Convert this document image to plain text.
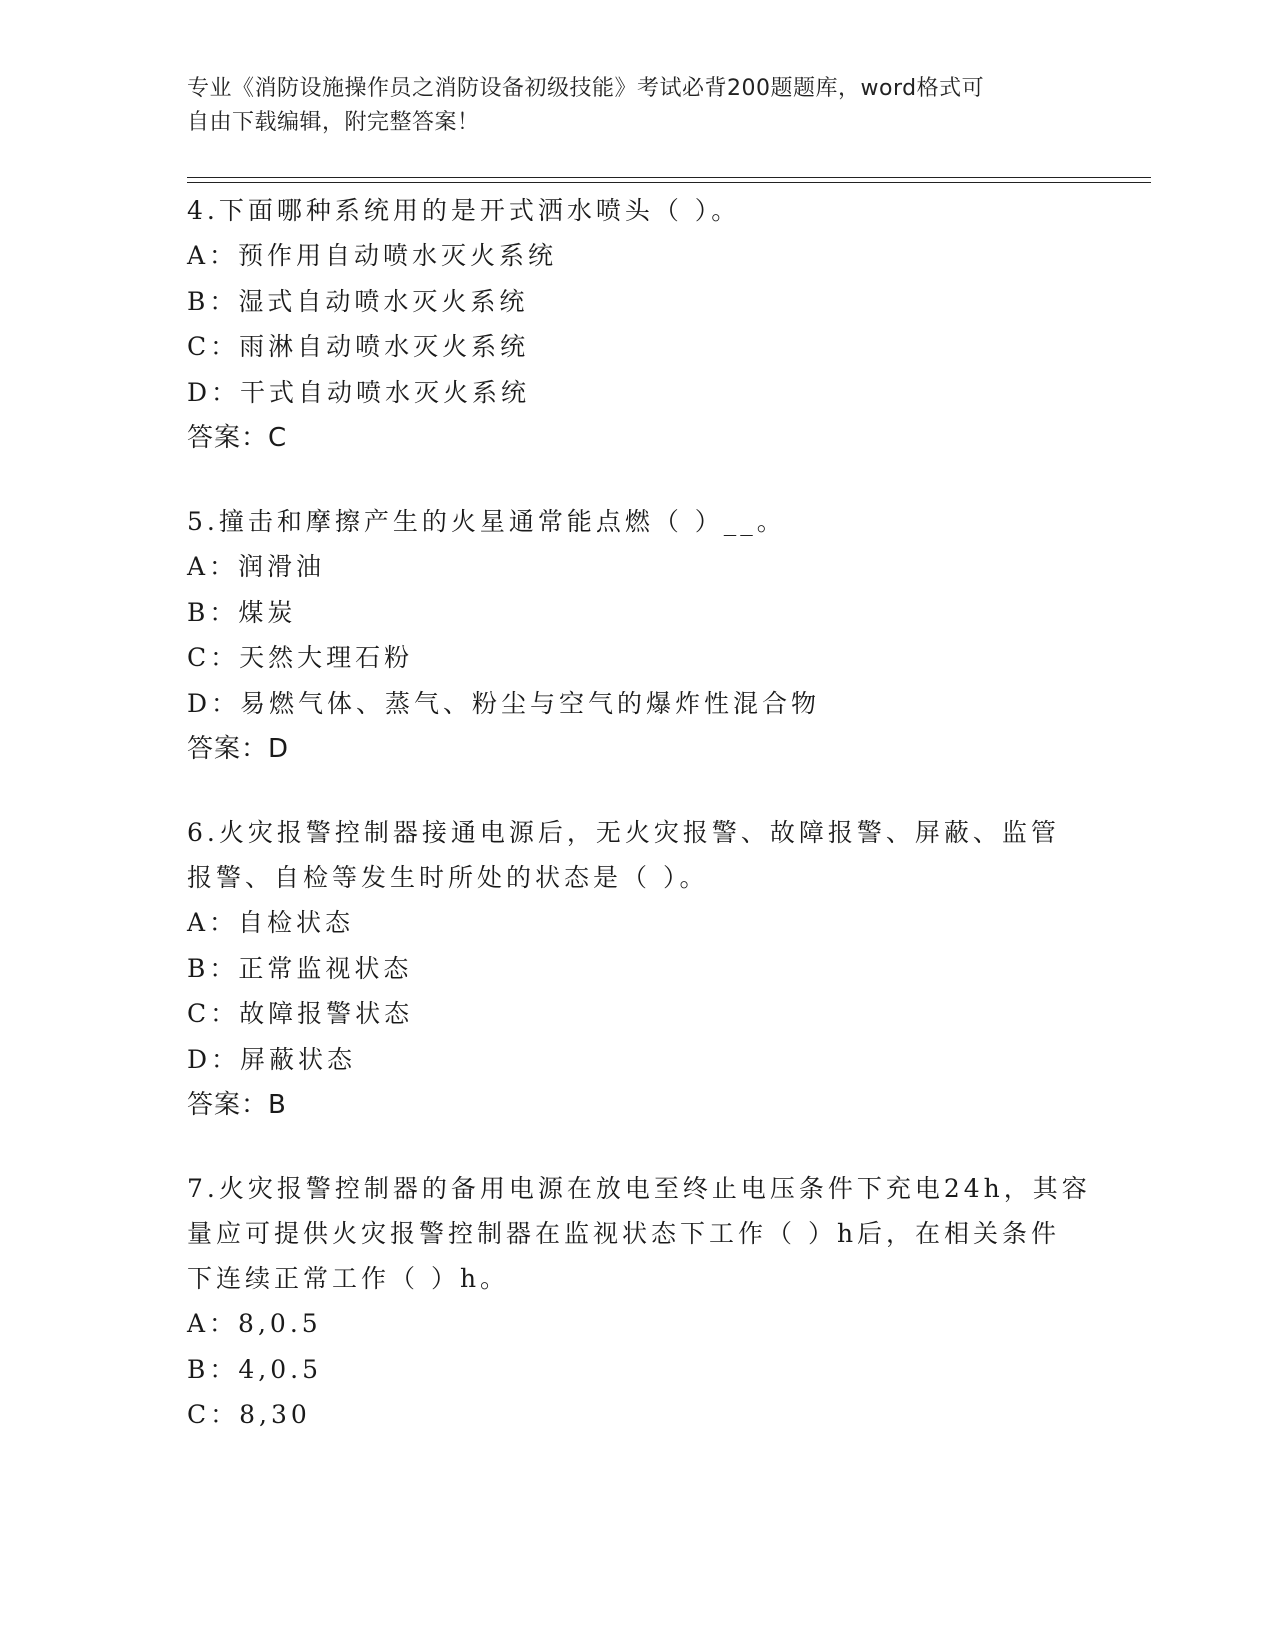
专业《消防设施操作员之消防设备初级技能》考试必背200题题库，word格式可
自由下载编辑，附完整答案！
4.下面哪种系统用的是开式洒水喷头（ ）。
A：预作用自动喷水灭火系统
B：湿式自动喷水灭火系统
C：雨淋自动喷水灭火系统
D：干式自动喷水灭火系统
答案：C
5.撞击和摩擦产生的火星通常能点燃（ ）__。
A：润滑油
B：煤炭
C：天然大理石粉
D：易燃气体、蒸气、粉尘与空气的爆炸性混合物
答案：D
6.火灾报警控制器接通电源后，无火灾报警、故障报警、屏蔽、监管
报警、自检等发生时所处的状态是（ ）。
A：自检状态
B：正常监视状态
C：故障报警状态
D：屏蔽状态
答案：B
7.火灾报警控制器的备用电源在放电至终止电压条件下充电24h，其容
量应可提供火灾报警控制器在监视状态下工作（ ）h后，在相关条件
下连续正常工作（ ）h。
A：8,0.5
B：4,0.5
C：8,30
